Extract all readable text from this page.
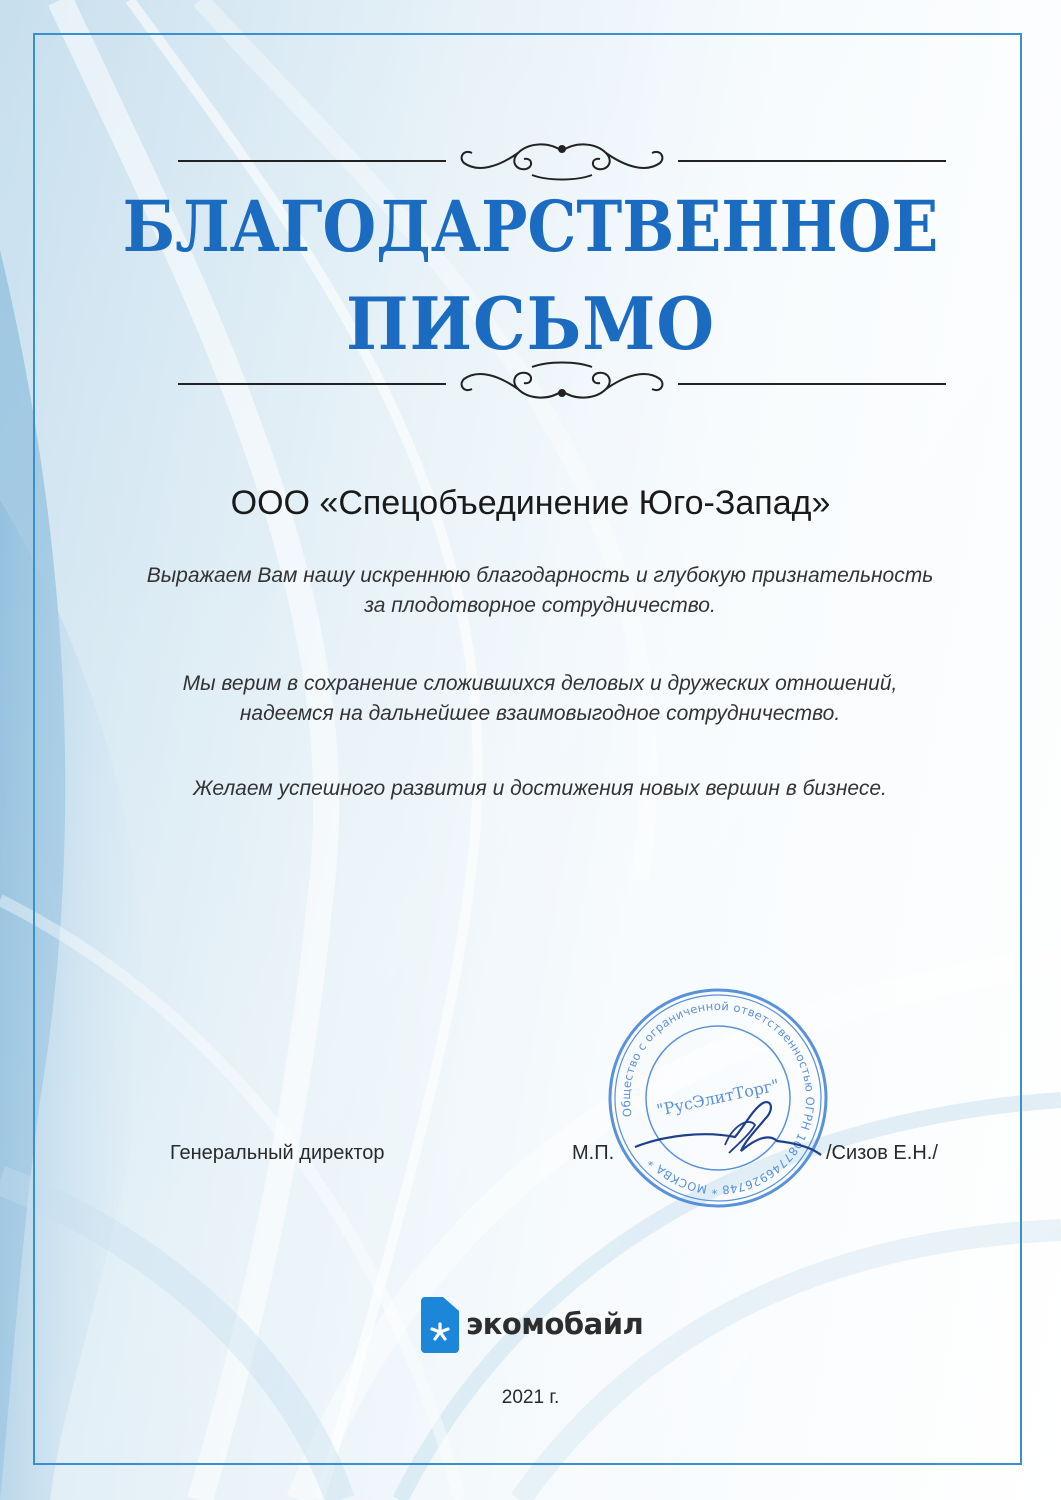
БЛАГОДАРСТВЕННОЕ
ПИСЬМО
ООО «Спецобъединение Юго-Запад»
Выражаем Вам нашу искреннюю благодарность и глубокую признательность
за плодотворное сотрудничество.
Мы верим в сохранение сложившихся деловых и дружеских отношений,
надеемся на дальнейшее взаимовыгодное сотрудничество.
Желаем успешного развития и достижения новых вершин в бизнесе.
Общество с ограниченной ответственностью ОГРН 1087746926748 * МОСКВА *
"РусЭлитТорг"
Генеральный директор	М.П.	/Сизов Е.Н./
экомобайл
2021 г.
